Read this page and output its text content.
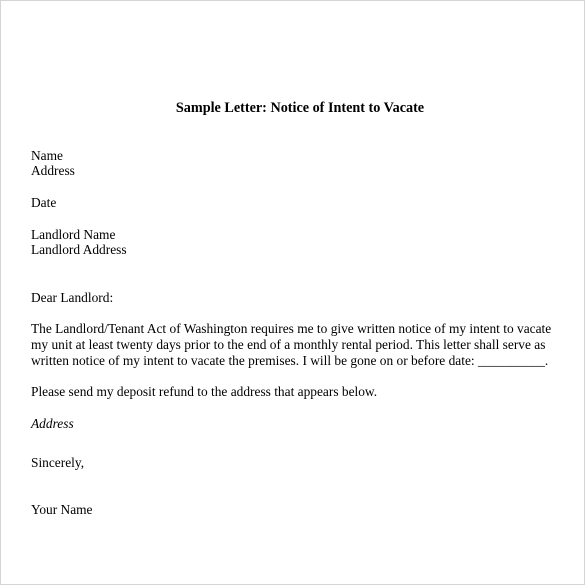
Sample Letter: Notice of Intent to Vacate
Name
Address
Date
Landlord Name
Landlord Address
Dear Landlord:
The Landlord/Tenant Act of Washington requires me to give written notice of my intent to vacate
my unit at least twenty days prior to the end of a monthly rental period. This letter shall serve as
written notice of my intent to vacate the premises. I will be gone on or before date: __________.
Please send my deposit refund to the address that appears below.
Address
Sincerely,
Your Name
